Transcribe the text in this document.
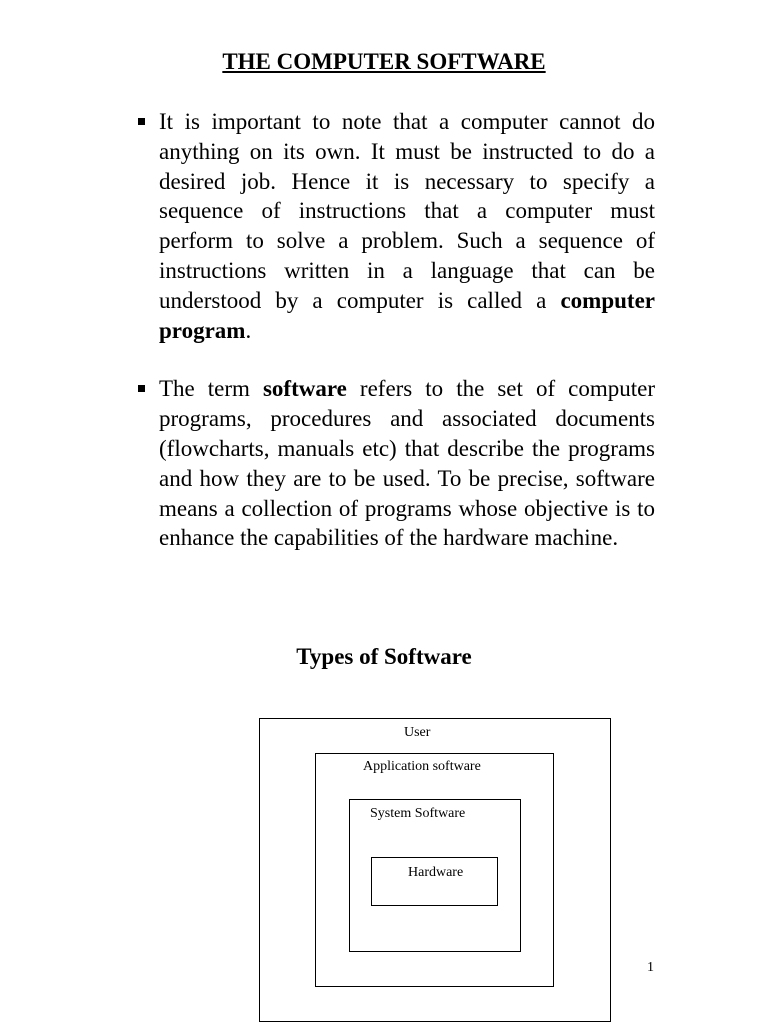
THE COMPUTER SOFTWARE
It is important to note that a computer cannot do anything on its own. It must be instructed to do a desired job. Hence it is necessary to specify a sequence of instructions that a computer must perform to solve a problem. Such a sequence of instructions written in a language that can be understood by a computer is called a computer program.
The term software refers to the set of computer programs, procedures and associated documents (flowcharts, manuals etc) that describe the programs and how they are to be used. To be precise, software means a collection of programs whose objective is to enhance the capabilities of the hardware machine.
Types of Software
User
Application software
System Software
Hardware
1
